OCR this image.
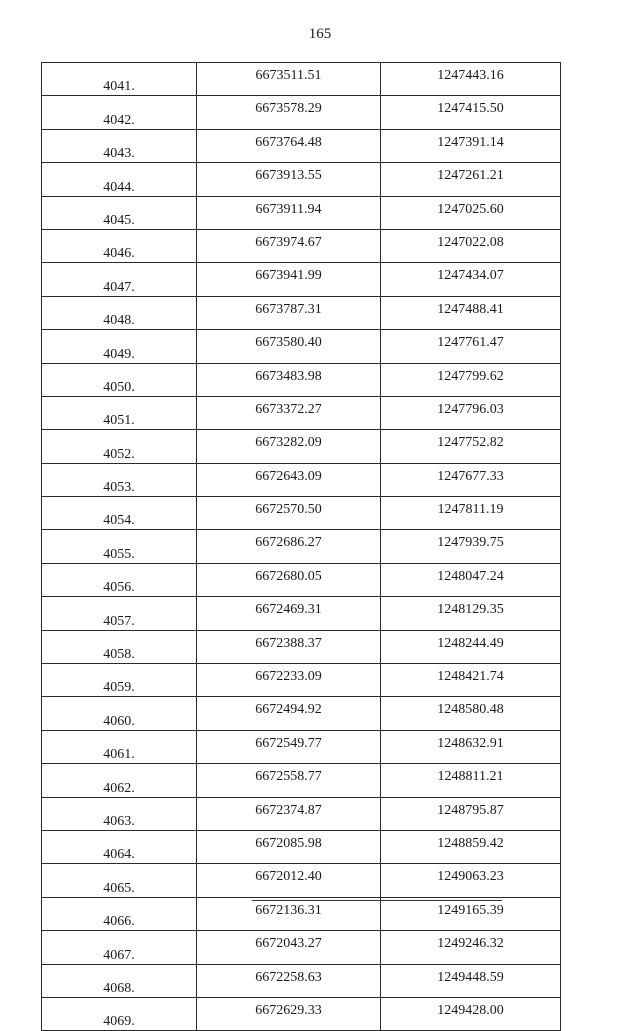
165
4041.	6673511.51	1247443.16
4042.	6673578.29	1247415.50
4043.	6673764.48	1247391.14
4044.	6673913.55	1247261.21
4045.	6673911.94	1247025.60
4046.	6673974.67	1247022.08
4047.	6673941.99	1247434.07
4048.	6673787.31	1247488.41
4049.	6673580.40	1247761.47
4050.	6673483.98	1247799.62
4051.	6673372.27	1247796.03
4052.	6673282.09	1247752.82
4053.	6672643.09	1247677.33
4054.	6672570.50	1247811.19
4055.	6672686.27	1247939.75
4056.	6672680.05	1248047.24
4057.	6672469.31	1248129.35
4058.	6672388.37	1248244.49
4059.	6672233.09	1248421.74
4060.	6672494.92	1248580.48
4061.	6672549.77	1248632.91
4062.	6672558.77	1248811.21
4063.	6672374.87	1248795.87
4064.	6672085.98	1248859.42
4065.	6672012.40	1249063.23
4066.	6672136.31	1249165.39
4067.	6672043.27	1249246.32
4068.	6672258.63	1249448.59
4069.	6672629.33	1249428.00
